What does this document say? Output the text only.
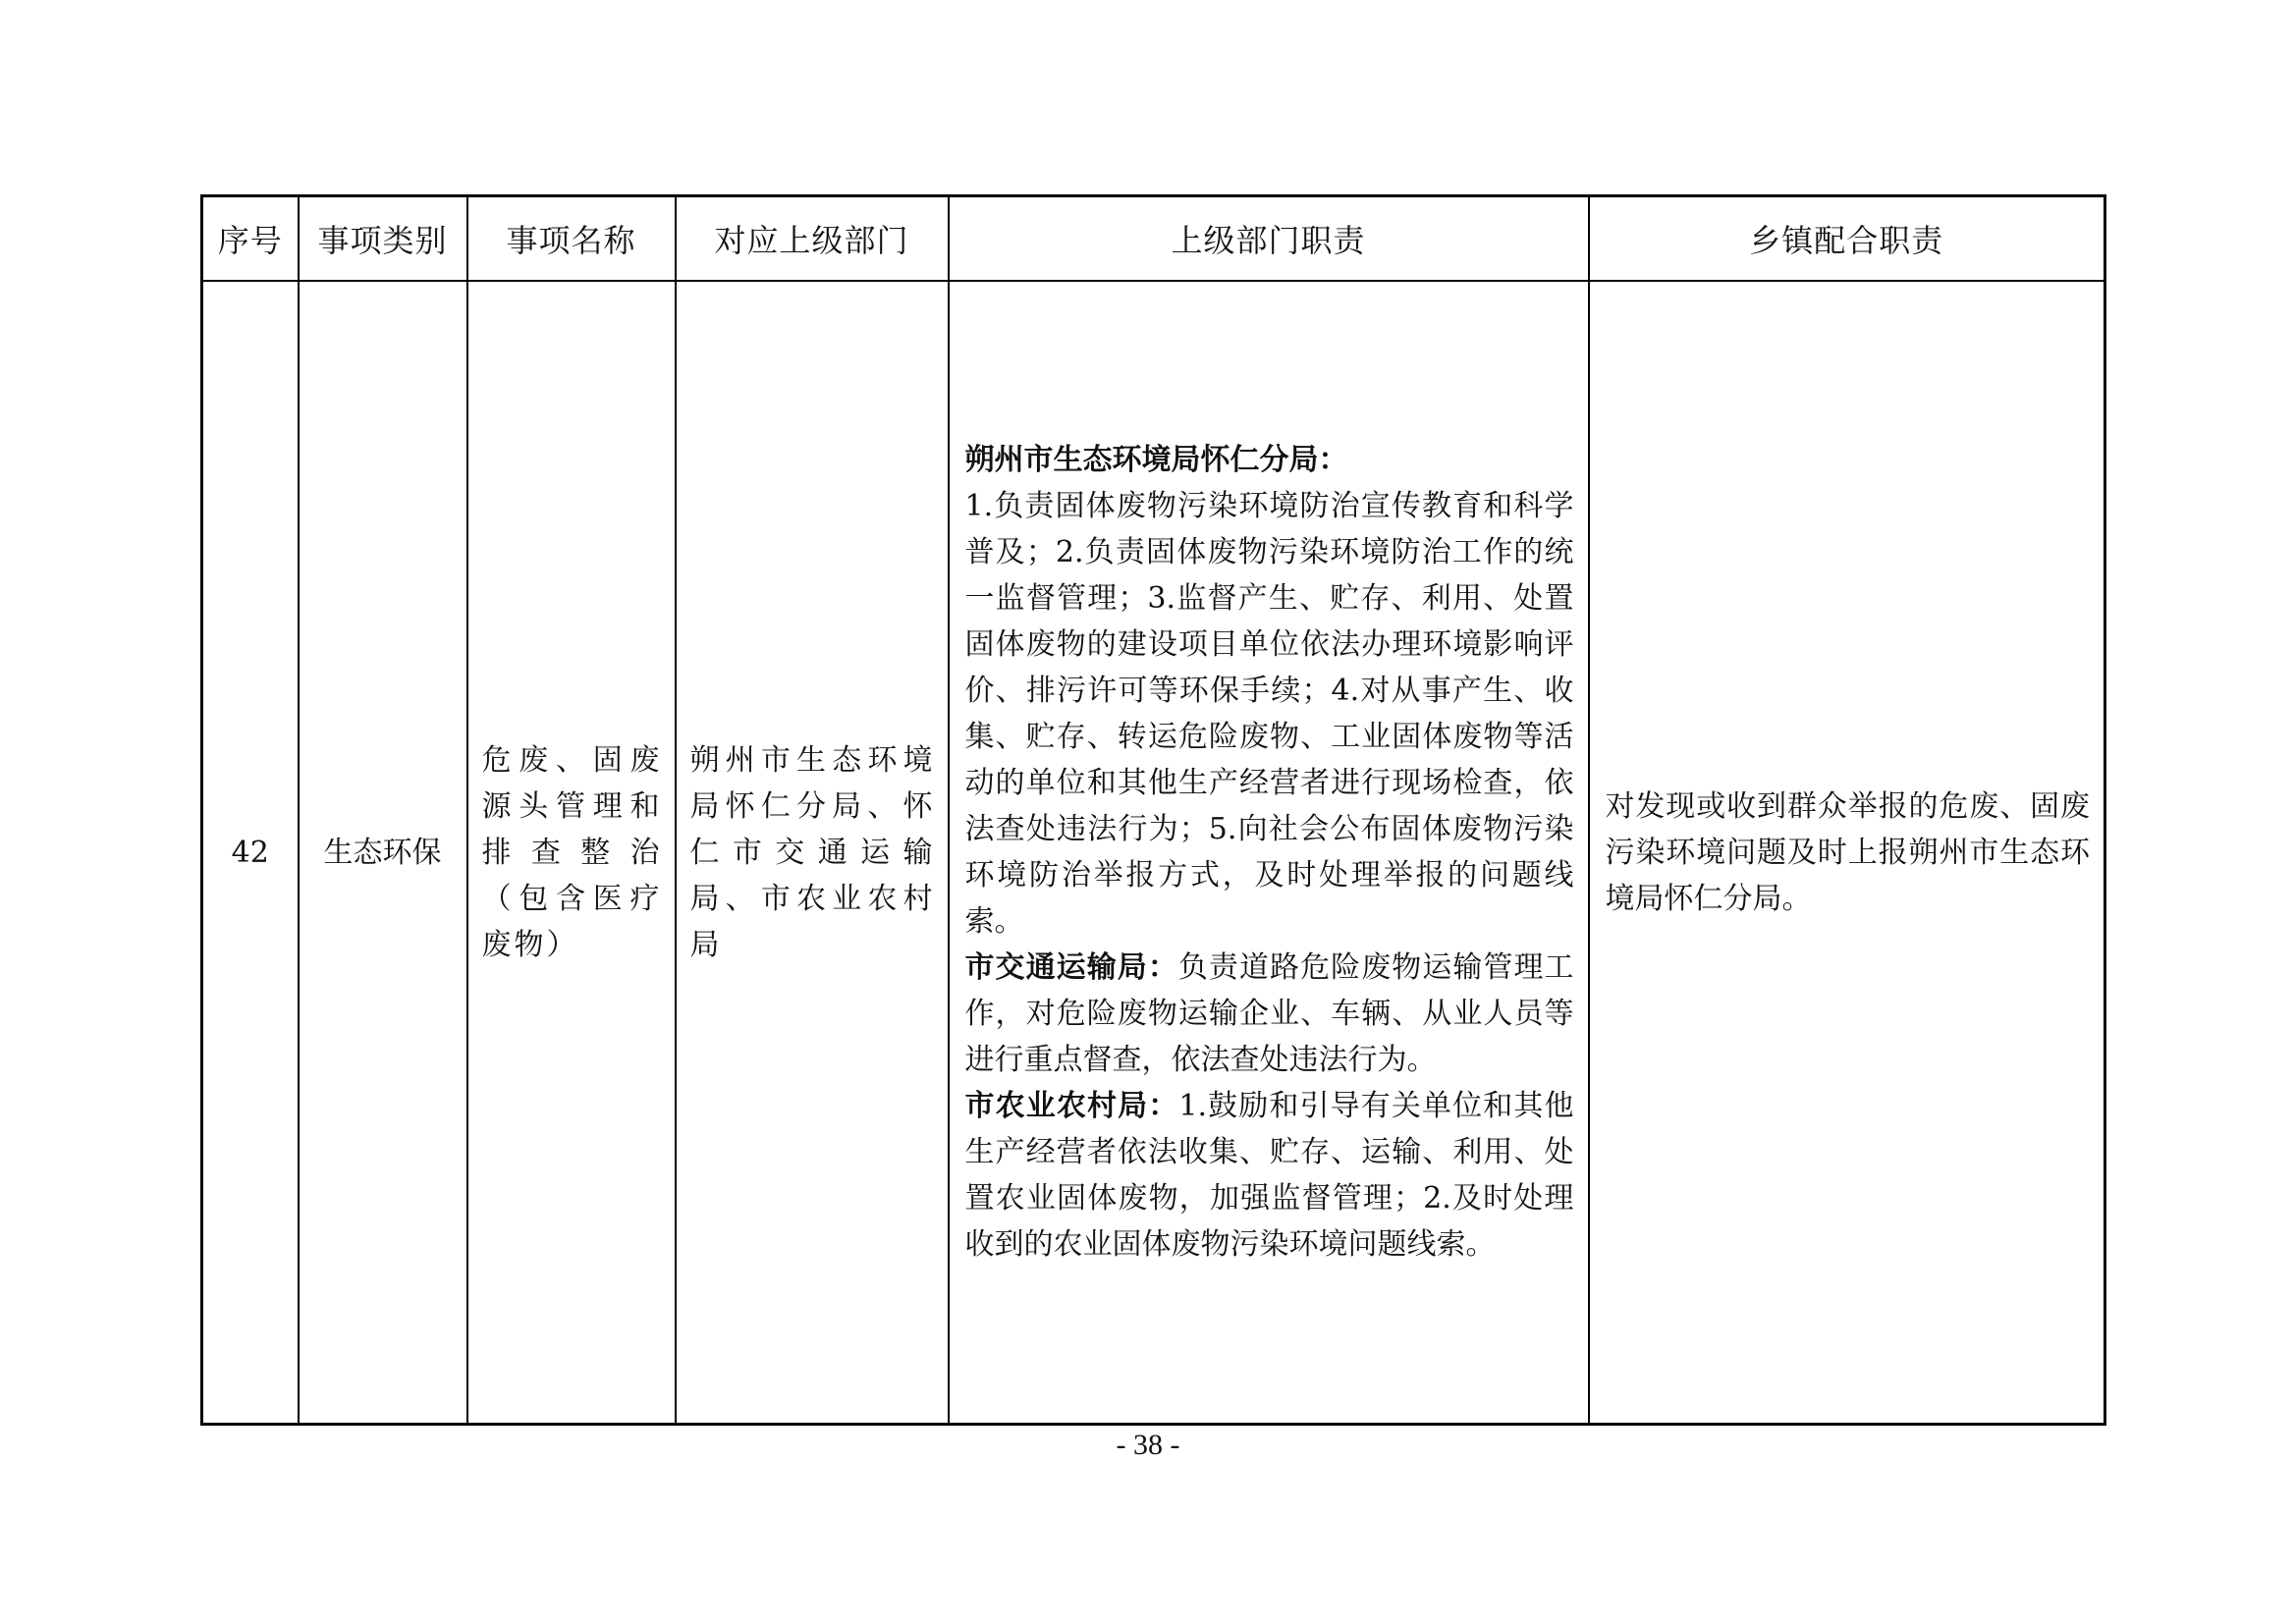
序号	事项类别	事项名称	对应上级部门	上级部门职责	乡镇配合职责
42	生态环保	危废、固废源头管理和排查整治（包含医疗废物）	朔州市生态环境局怀仁分局、怀仁市交通运输局、市农业农村局	朔州市生态环境局怀仁分局：
1.负责固体废物污染环境防治宣传教育和科学普及；2.负责固体废物污染环境防治工作的统一监督管理；3.监督产生、贮存、利用、处置固体废物的建设项目单位依法办理环境影响评价、排污许可等环保手续；4.对从事产生、收集、贮存、转运危险废物、工业固体废物等活动的单位和其他生产经营者进行现场检查，依法查处违法行为；5.向社会公布固体废物污染环境防治举报方式，及时处理举报的问题线索。

市交通运输局：负责道路危险废物运输管理工作，对危险废物运输企业、车辆、从业人员等进行重点督查，依法查处违法行为。

市农业农村局：1.鼓励和引导有关单位和其他生产经营者依法收集、贮存、运输、利用、处置农业固体废物，加强监督管理；2.及时处理收到的农业固体废物污染环境问题线索。	对发现或收到群众举报的危废、固废污染环境问题及时上报朔州市生态环境局怀仁分局。
- 38 -
